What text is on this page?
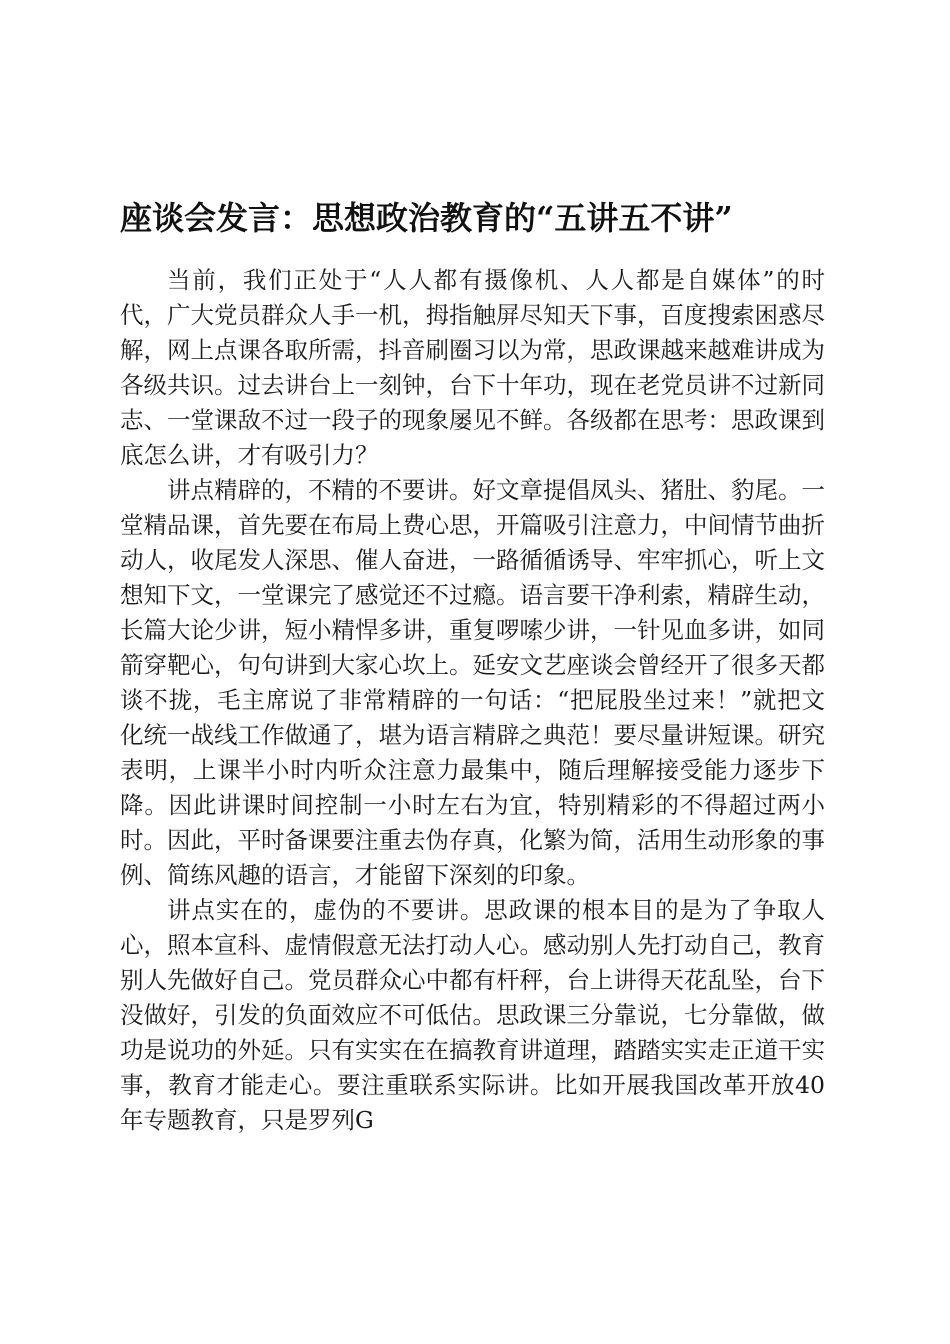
座谈会发言：思想政治教育的“五讲五不讲”

当前，我们正处于“人人都有摄像机、人人都是自媒体”的时代，广大党员群众人手一机，拇指触屏尽知天下事，百度搜索困惑尽解，网上点课各取所需，抖音刷圈习以为常，思政课越来越难讲成为各级共识。过去讲台上一刻钟，台下十年功，现在老党员讲不过新同志、一堂课敌不过一段子的现象屡见不鲜。各级都在思考：思政课到底怎么讲，才有吸引力？

讲点精辟的，不精的不要讲。好文章提倡凤头、猪肚、豹尾。一堂精品课，首先要在布局上费心思，开篇吸引注意力，中间情节曲折动人，收尾发人深思、催人奋进，一路循循诱导、牢牢抓心，听上文想知下文，一堂课完了感觉还不过瘾。语言要干净利索，精辟生动，长篇大论少讲，短小精悍多讲，重复啰嗦少讲，一针见血多讲，如同箭穿靶心，句句讲到大家心坎上。延安文艺座谈会曾经开了很多天都谈不拢，毛主席说了非常精辟的一句话：“把屁股坐过来！”就把文化统一战线工作做通了，堪为语言精辟之典范！要尽量讲短课。研究表明，上课半小时内听众注意力最集中，随后理解接受能力逐步下降。因此讲课时间控制一小时左右为宜，特别精彩的不得超过两小时。因此，平时备课要注重去伪存真，化繁为简，活用生动形象的事例、简练风趣的语言，才能留下深刻的印象。

讲点实在的，虚伪的不要讲。思政课的根本目的是为了争取人心，照本宣科、虚情假意无法打动人心。感动别人先打动自己，教育别人先做好自己。党员群众心中都有杆秤，台上讲得天花乱坠，台下没做好，引发的负面效应不可低估。思政课三分靠说，七分靠做，做功是说功的外延。只有实实在在搞教育讲道理，踏踏实实走正道干实事，教育才能走心。要注重联系实际讲。比如开展我国改革开放40年专题教育，只是罗列G
